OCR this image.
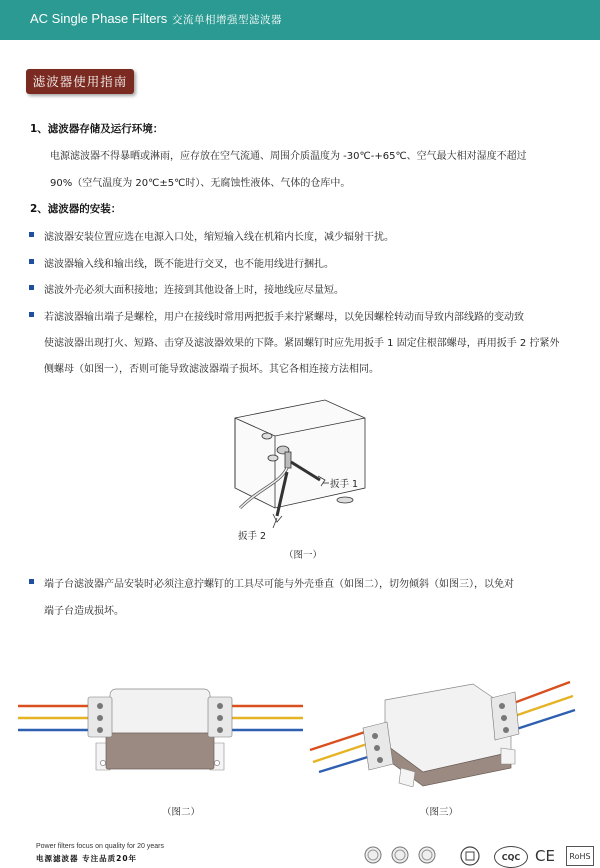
AC Single Phase Filters 交流单相增强型滤波器
滤波器使用指南
1、滤波器存储及运行环境：
电源滤波器不得暴晒或淋雨，应存放在空气流通、周围介质温度为 -30℃-+65℃、空气最大相对湿度不超过
90%（空气温度为 20℃±5℃时）、无腐蚀性液体、气体的仓库中。
2、滤波器的安装：
滤波器安装位置应选在电源入口处，缩短输入线在机箱内长度，减少辐射干扰。
滤波器输入线和输出线，既不能进行交叉，也不能用线进行捆扎。
滤波外壳必须大面积接地；连接到其他设备上时，接地线应尽量短。
若滤波器输出端子是螺栓，用户在接线时常用两把扳手来拧紧螺母，以免因螺栓转动而导致内部线路的变动致
使滤波器出现打火、短路、击穿及滤波器效果的下降。紧固螺钉时应先用扳手 1 固定住根部螺母，再用扳手 2 拧紧外
侧螺母（如图一），否则可能导致滤波器端子损坏。其它各相连接方法相同。
扳手 1
扳手 2
（图一）
端子台滤波器产品安装时必须注意拧螺钉的工具尽可能与外壳垂直（如图二），切勿倾斜（如图三），以免对
端子台造成损坏。
（图二）	（图三）
Power filters focus on quality for 20 years
电源滤波器 专注品质20年	CQC CE	RoHS
